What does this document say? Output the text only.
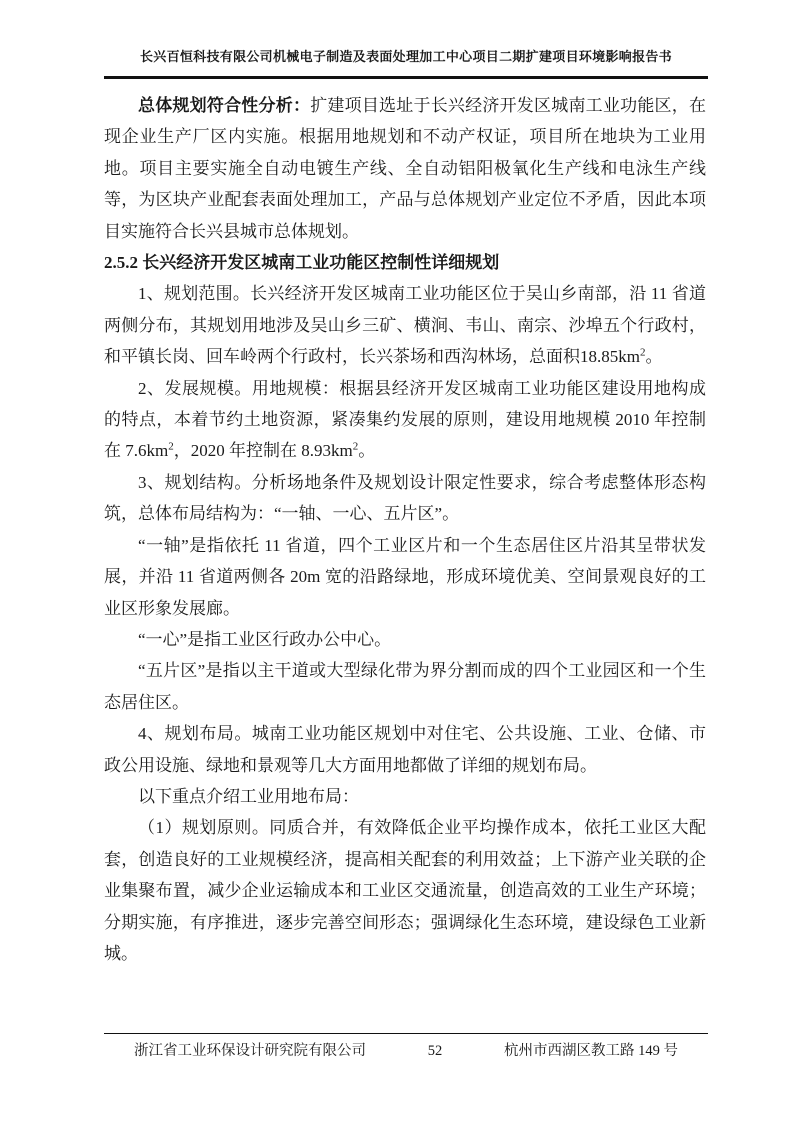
长兴百恒科技有限公司机械电子制造及表面处理加工中心项目二期扩建项目环境影响报告书

总体规划符合性分析：扩建项目选址于长兴经济开发区城南工业功能区，在现企业生产厂区内实施。根据用地规划和不动产权证，项目所在地块为工业用地。项目主要实施全自动电镀生产线、全自动铝阳极氧化生产线和电泳生产线等，为区块产业配套表面处理加工，产品与总体规划产业定位不矛盾，因此本项目实施符合长兴县城市总体规划。

2.5.2 长兴经济开发区城南工业功能区控制性详细规划

1、规划范围。长兴经济开发区城南工业功能区位于吴山乡南部，沿 11 省道两侧分布，其规划用地涉及吴山乡三矿、横涧、韦山、南宗、沙埠五个行政村，和平镇长岗、回车岭两个行政村，长兴茶场和西沟林场，总面积$18.85km^2$。

2、发展规模。用地规模：根据县经济开发区城南工业功能区建设用地构成的特点，本着节约土地资源，紧凑集约发展的原则，建设用地规模 2010 年控制在 $7.6km^2$，2020 年控制在 $8.93km^2$。

3、规划结构。分析场地条件及规划设计限定性要求，综合考虑整体形态构筑，总体布局结构为：“一轴、一心、五片区”。

“一轴”是指依托 11 省道，四个工业区片和一个生态居住区片沿其呈带状发展，并沿 11 省道两侧各 20m 宽的沿路绿地，形成环境优美、空间景观良好的工业区形象发展廊。

“一心”是指工业区行政办公中心。

“五片区”是指以主干道或大型绿化带为界分割而成的四个工业园区和一个生态居住区。

4、规划布局。城南工业功能区规划中对住宅、公共设施、工业、仓储、市政公用设施、绿地和景观等几大方面用地都做了详细的规划布局。

以下重点介绍工业用地布局：

（1）规划原则。同质合并，有效降低企业平均操作成本，依托工业区大配套，创造良好的工业规模经济，提高相关配套的利用效益；上下游产业关联的企业集聚布置，减少企业运输成本和工业区交通流量，创造高效的工业生产环境；分期实施，有序推进，逐步完善空间形态；强调绿化生态环境，建设绿色工业新城。

浙江省工业环保设计研究院有限公司	52	杭州市西湖区教工路 149 号
